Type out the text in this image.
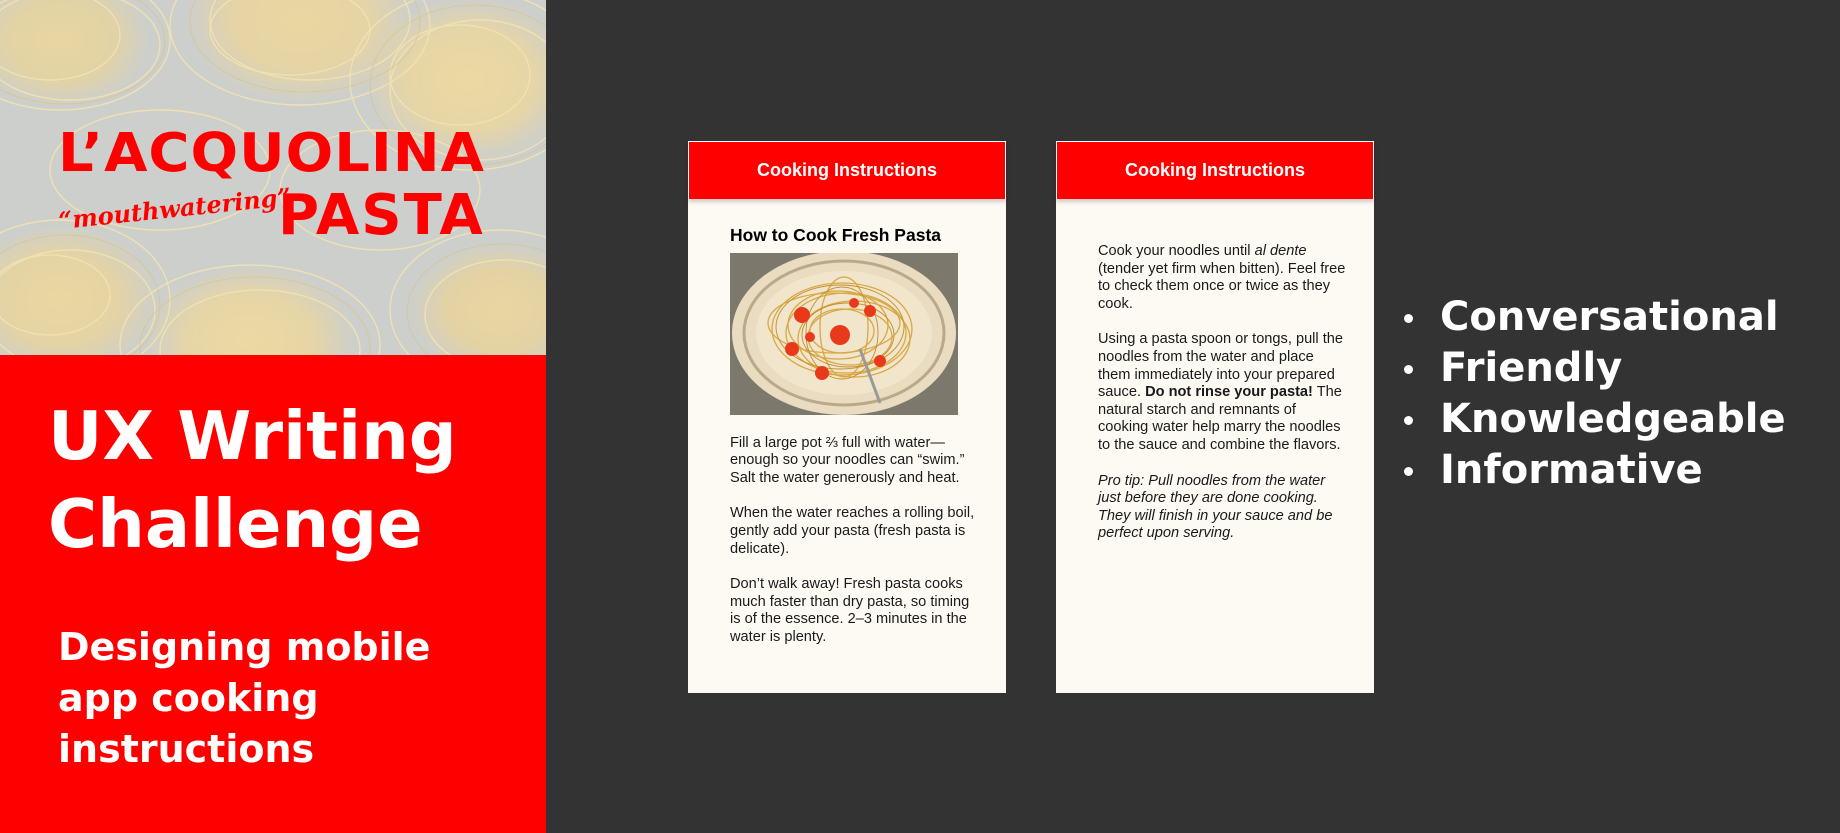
L’ACQUOLINA
“mouthwatering”
PASTA
UX Writing Challenge
Designing mobile app cooking instructions
Cooking Instructions
How to Cook Fresh Pasta
Fill a large pot ⅔ full with water—enough so your noodles can “swim.” Salt the water generously and heat.
When the water reaches a rolling boil, gently add your pasta (fresh pasta is delicate).
Don’t walk away! Fresh pasta cooks much faster than dry pasta, so timing is of the essence. 2–3 minutes in the water is plenty.
Cooking Instructions
Cook your noodles until al dente (tender yet firm when bitten). Feel free to check them once or twice as they cook.
Using a pasta spoon or tongs, pull the noodles from the water and place them immediately into your prepared sauce. Do not rinse your pasta! The natural starch and remnants of cooking water help marry the noodles to the sauce and combine the flavors.
Pro tip: Pull noodles from the water just before they are done cooking. They will finish in your sauce and be perfect upon serving.
Conversational
Friendly
Knowledgeable
Informative
